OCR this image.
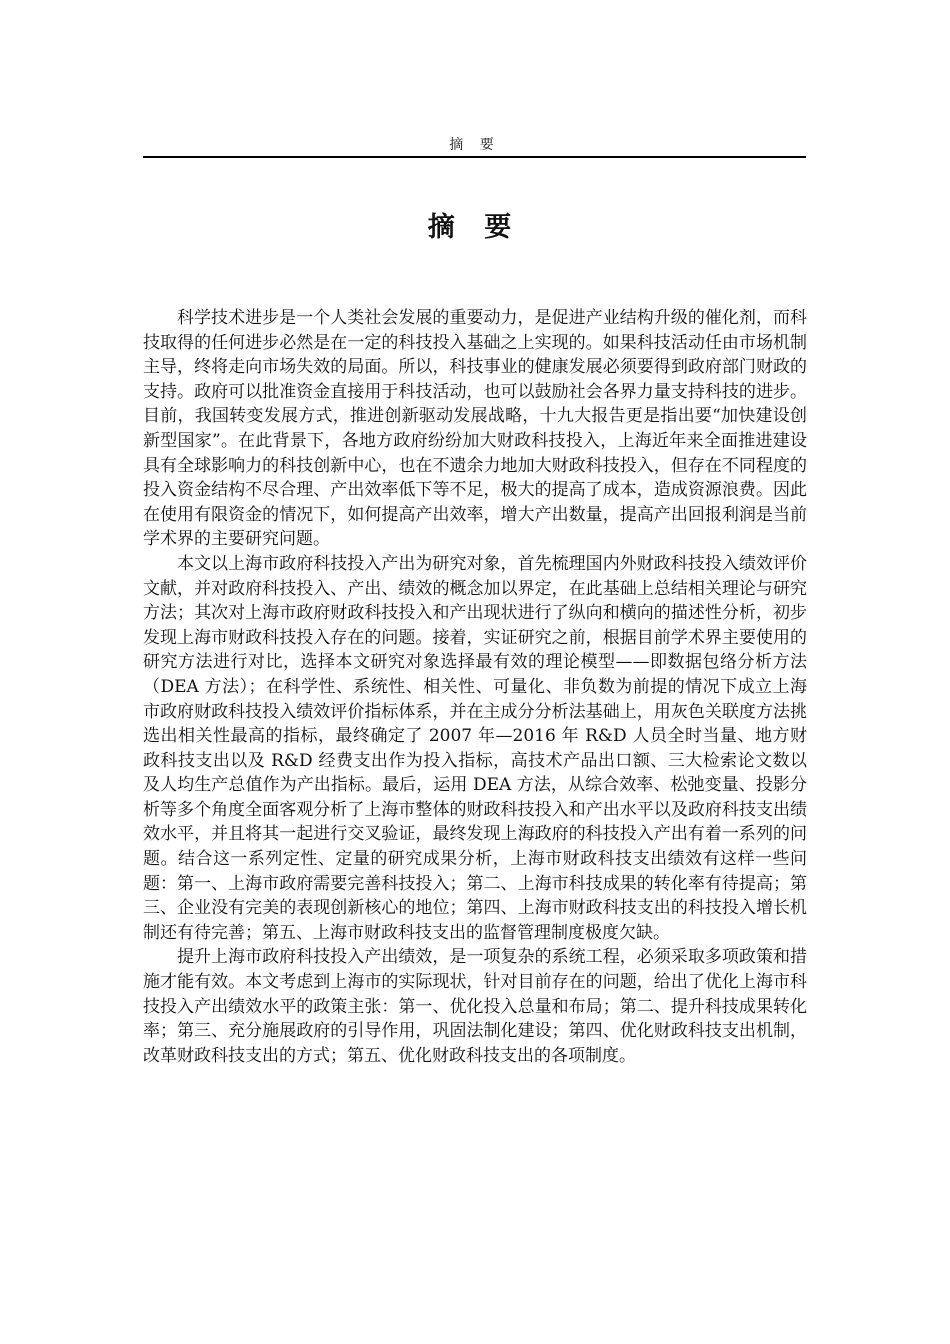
摘 要
摘 要

科学技术进步是一个人类社会发展的重要动力，是促进产业结构升级的催化剂，而科技取得的任何进步必然是在一定的科技投入基础之上实现的。如果科技活动任由市场机制主导，终将走向市场失效的局面。所以，科技事业的健康发展必须要得到政府部门财政的支持。政府可以批准资金直接用于科技活动，也可以鼓励社会各界力量支持科技的进步。目前，我国转变发展方式，推进创新驱动发展战略，十九大报告更是指出要“加快建设创新型国家”。在此背景下，各地方政府纷纷加大财政科技投入，上海近年来全面推进建设具有全球影响力的科技创新中心，也在不遗余力地加大财政科技投入，但存在不同程度的投入资金结构不尽合理、产出效率低下等不足，极大的提高了成本，造成资源浪费。因此在使用有限资金的情况下，如何提高产出效率，增大产出数量，提高产出回报利润是当前学术界的主要研究问题。

本文以上海市政府科技投入产出为研究对象，首先梳理国内外财政科技投入绩效评价文献，并对政府科技投入、产出、绩效的概念加以界定，在此基础上总结相关理论与研究方法；其次对上海市政府财政科技投入和产出现状进行了纵向和横向的描述性分析，初步发现上海市财政科技投入存在的问题。接着，实证研究之前，根据目前学术界主要使用的研究方法进行对比，选择本文研究对象选择最有效的理论模型——即数据包络分析方法（DEA 方法）；在科学性、系统性、相关性、可量化、非负数为前提的情况下成立上海市政府财政科技投入绩效评价指标体系，并在主成分分析法基础上，用灰色关联度方法挑选出相关性最高的指标，最终确定了 2007 年—2016 年 R&D 人员全时当量、地方财政科技支出以及 R&D 经费支出作为投入指标，高技术产品出口额、三大检索论文数以及人均生产总值作为产出指标。最后，运用 DEA 方法，从综合效率、松弛变量、投影分析等多个角度全面客观分析了上海市整体的财政科技投入和产出水平以及政府科技支出绩效水平，并且将其一起进行交叉验证，最终发现上海政府的科技投入产出有着一系列的问题。结合这一系列定性、定量的研究成果分析，上海市财政科技支出绩效有这样一些问题：第一、上海市政府需要完善科技投入；第二、上海市科技成果的转化率有待提高；第三、企业没有完美的表现创新核心的地位；第四、上海市财政科技支出的科技投入增长机制还有待完善；第五、上海市财政科技支出的监督管理制度极度欠缺。

提升上海市政府科技投入产出绩效，是一项复杂的系统工程，必须采取多项政策和措施才能有效。本文考虑到上海市的实际现状，针对目前存在的问题，给出了优化上海市科技投入产出绩效水平的政策主张：第一、优化投入总量和布局；第二、提升科技成果转化率；第三、充分施展政府的引导作用，巩固法制化建设；第四、优化财政科技支出机制，改革财政科技支出的方式；第五、优化财政科技支出的各项制度。
